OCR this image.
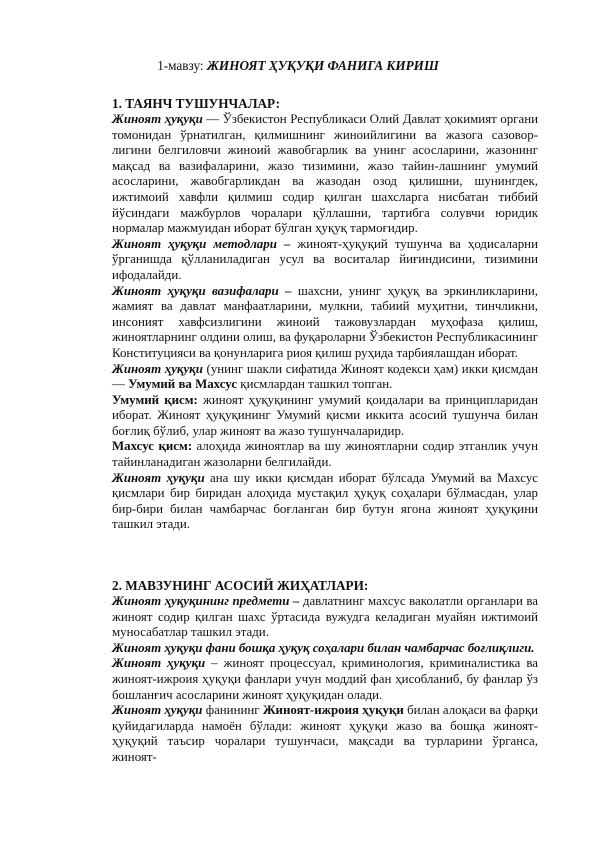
1-мавзу: ЖИНОЯТ ҲУҚУҚИ ФАНИГА КИРИШ

1. ТАЯНЧ ТУШУНЧАЛАР:

Жиноят ҳуқуқи — Ўзбекистон Республикаси Олий Давлат ҳокимият органи томонидан ўрнатилган, қилмишнинг жиноийлигини ва жазога сазовор-лигини белгиловчи жиноий жавобгарлик ва унинг асосларини, жазонинг мақсад ва вазифаларини, жазо тизимини, жазо тайин-лашнинг умумий асосларини, жавобгарликдан ва жазодан озод қилишни, шунингдек, ижтимоий хавфли қилмиш содир қилган шахсларга нисбатан тиббий йўсиндаги мажбурлов чоралари қўллашни, тартибга солувчи юридик нормалар мажмуидан иборат бўлган ҳуқуқ тармоғидир.

Жиноят ҳуқуқи методлари – жиноят-ҳуқуқий тушунча ва ҳодисаларни ўрганишда қўлланиладиган усул ва воситалар йиғиндисини, тизимини ифодалайди.

Жиноят ҳуқуқи вазифалари – шахсни, унинг ҳуқуқ ва эркинликларини, жамият ва давлат манфаатларини, мулкни, табиий муҳитни, тинчликни, инсоният хавфсизлигини жиноий тажовузлардан муҳофаза қилиш, жиноятларнинг олдини олиш, ва фуқароларни Ўзбекистон Республикасининг Конституцияси ва қонунларига риоя қилиш руҳида тарбиялашдан иборат.

Жиноят ҳуқуқи (унинг шакли сифатида Жиноят кодекси ҳам) икки қисмдан — Умумий ва Махсус қисмлардан ташкил топган.

Умумий қисм: жиноят ҳуқуқининг умумий қоидалари ва принципларидан иборат. Жиноят ҳуқуқининг Умумий қисми иккита асосий тушунча билан боғлиқ бўлиб, улар жиноят ва жазо тушунчаларидир.

Махсус қисм: алоҳида жиноятлар ва шу жиноятларни содир этганлик учун тайинланадиган жазоларни белгилайди.

Жиноят ҳуқуқи ана шу икки қисмдан иборат бўлсада Умумий ва Махсус қисмлари бир биридан алоҳида мустақил ҳуқуқ соҳалари бўлмасдан, улар бир-бири билан чамбарчас боғланган бир бутун ягона жиноят ҳуқуқини ташкил этади.

2. МАВЗУНИНГ АСОСИЙ ЖИҲАТЛАРИ:

Жиноят ҳуқуқининг предмети – давлатнинг махсус ваколатли органлари ва жиноят содир қилган шахс ўртасида вужудга келадиган муайян ижтимоий муносабатлар ташкил этади.

Жиноят ҳуқуқи фани бошқа ҳуқуқ соҳалари билан чамбарчас боғлиқлиги.

Жиноят ҳуқуқи – жиноят процессуал, криминология, криминалистика ва жиноят-ижроия ҳуқуқи фанлари учун моддий фан ҳисобланиб, бу фанлар ўз бошланғич асосларини жиноят ҳуқуқидан олади.

Жиноят ҳуқуқи фанининг Жиноят-ижроия ҳуқуқи билан алоқаси ва фарқи қуйидагиларда намоён бўлади: жиноят ҳуқуқи жазо ва бошқа жиноят-ҳуқуқий таъсир чоралари тушунчаси, мақсади ва турларини ўрганса, жиноят-
